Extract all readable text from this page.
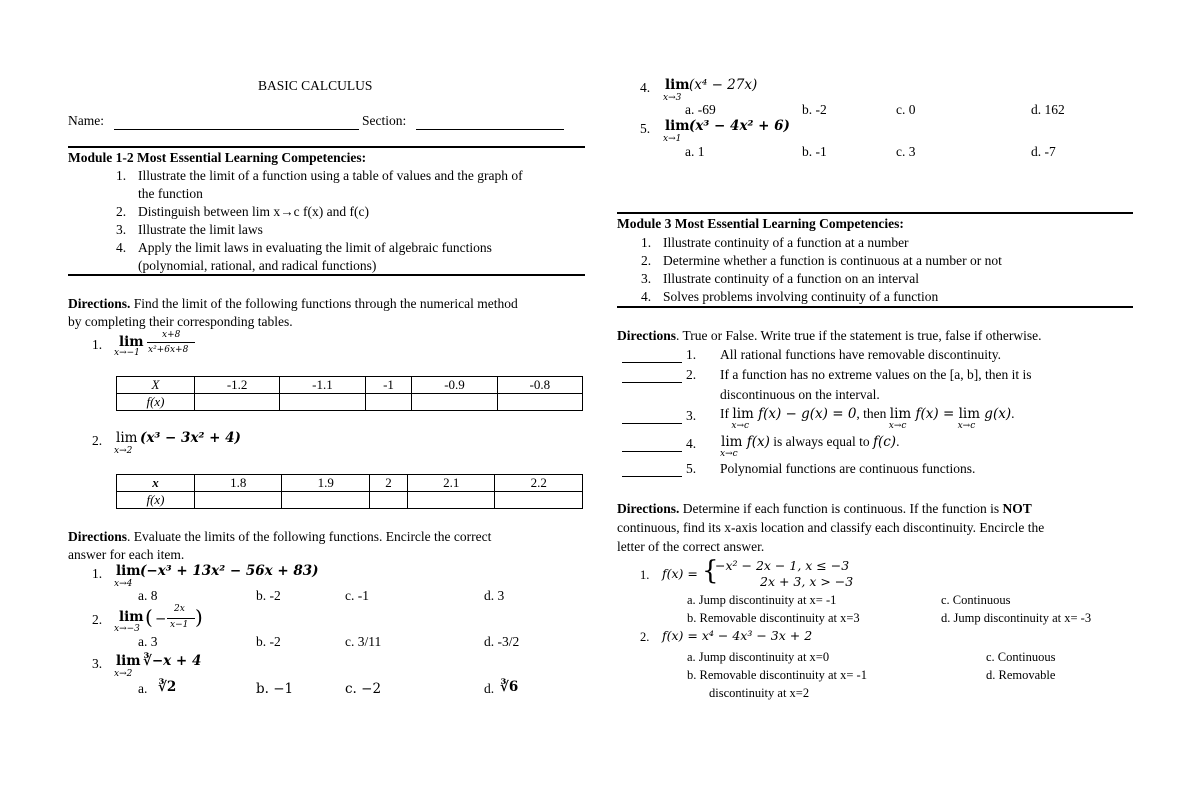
BASIC CALCULUS
Name:	Section:
Module 1-2 Most Essential Learning Competencies:
1. Illustrate the limit of a function using a table of values and the graph of
the function
2. Distinguish between lim x→c f(x) and f(c)
3. Illustrate the limit laws
4. Apply the limit laws in evaluating the limit of algebraic functions
(polynomial, rational, and radical functions)
Directions. Find the limit of the following functions through the numerical method
by completing their corresponding tables.
1. lim
x→−1
x+8
x²+6x+8
X	-1.2	-1.1	-1	-0.9	-0.8
f(x)					
2. lim
x→2
(x³ − 3x² + 4)
x	1.8	1.9	2	2.1	2.2
f(x)					
Directions. Evaluate the limits of the following functions. Encircle the correct
answer for each item.
1. lim
x→4
(−x³ + 13x² − 56x + 83)
a. 8	b. -2	c. -1	d. 3
2. lim
x→−3 ( −
2x
x−1 )
a. 3	b. -2	c. 3/11	d. -3/2
3. lim
x→2
∛−x + 4
a. ∛2	b. −1	c. −2	d. ∛6
4. lim
x→3
(x⁴ − 27x)
a. -69	b. -2	c. 0	d. 162
5. lim
x→1
(x³ − 4x² + 6)
a. 1	b. -1	c. 3	d. -7
Module 3 Most Essential Learning Competencies:
1. Illustrate continuity of a function at a number
2. Determine whether a function is continuous at a number or not
3. Illustrate continuity of a function on an interval
4. Solves problems involving continuity of a function
Directions. True or False. Write true if the statement is true, false if otherwise.
1. All rational functions have removable discontinuity.
2. If a function has no extreme values on the [a, b], then it is
discontinuous on the interval.
3. If lim
x→c
f(x) − g(x) = 0, then lim
x→c
f(x) = lim
x→c
g(x).
4. lim
x→c
f(x) is always equal to f(c).
5. Polynomial functions are continuous functions.
Directions. Determine if each function is continuous. If the function is NOT
continuous, find its x-axis location and classify each discontinuity. Encircle the
letter of the correct answer.
1. f(x) = {
−x² − 2x − 1, x ≤ −3
2x + 3, x > −3
a. Jump discontinuity at x= -1	c. Continuous
b. Removable discontinuity at x=3	d. Jump discontinuity at x= -3
2. f(x) = x⁴ − 4x³ − 3x + 2
a. Jump discontinuity at x=0	c. Continuous
b. Removable discontinuity at x= -1	d. Removable
discontinuity at x=2
